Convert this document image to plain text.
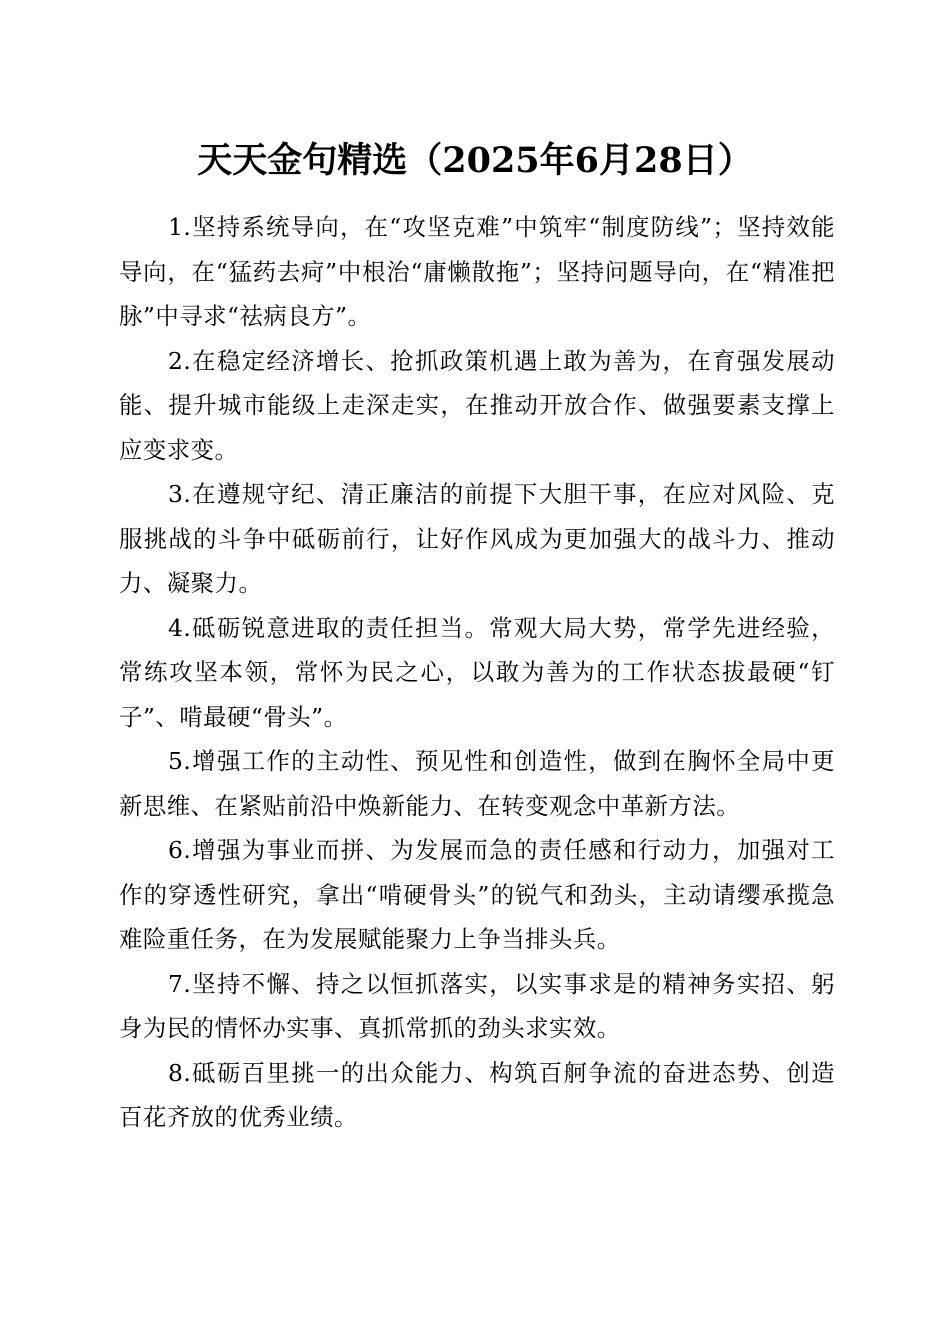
天天金句精选（2025年6月28日）

1.坚持系统导向，在“攻坚克难”中筑牢“制度防线”；坚持效能导向，在“猛药去疴”中根治“庸懒散拖”；坚持问题导向，在“精准把脉”中寻求“祛病良方”。

2.在稳定经济增长、抢抓政策机遇上敢为善为，在育强发展动能、提升城市能级上走深走实，在推动开放合作、做强要素支撑上应变求变。

3.在遵规守纪、清正廉洁的前提下大胆干事，在应对风险、克服挑战的斗争中砥砺前行，让好作风成为更加强大的战斗力、推动力、凝聚力。

4.砥砺锐意进取的责任担当。常观大局大势，常学先进经验，常练攻坚本领，常怀为民之心，以敢为善为的工作状态拔最硬“钉子”、啃最硬“骨头”。

5.增强工作的主动性、预见性和创造性，做到在胸怀全局中更新思维、在紧贴前沿中焕新能力、在转变观念中革新方法。

6.增强为事业而拼、为发展而急的责任感和行动力，加强对工作的穿透性研究，拿出“啃硬骨头”的锐气和劲头，主动请缨承揽急难险重任务，在为发展赋能聚力上争当排头兵。

7.坚持不懈、持之以恒抓落实，以实事求是的精神务实招、躬身为民的情怀办实事、真抓常抓的劲头求实效。

8.砥砺百里挑一的出众能力、构筑百舸争流的奋进态势、创造百花齐放的优秀业绩。
